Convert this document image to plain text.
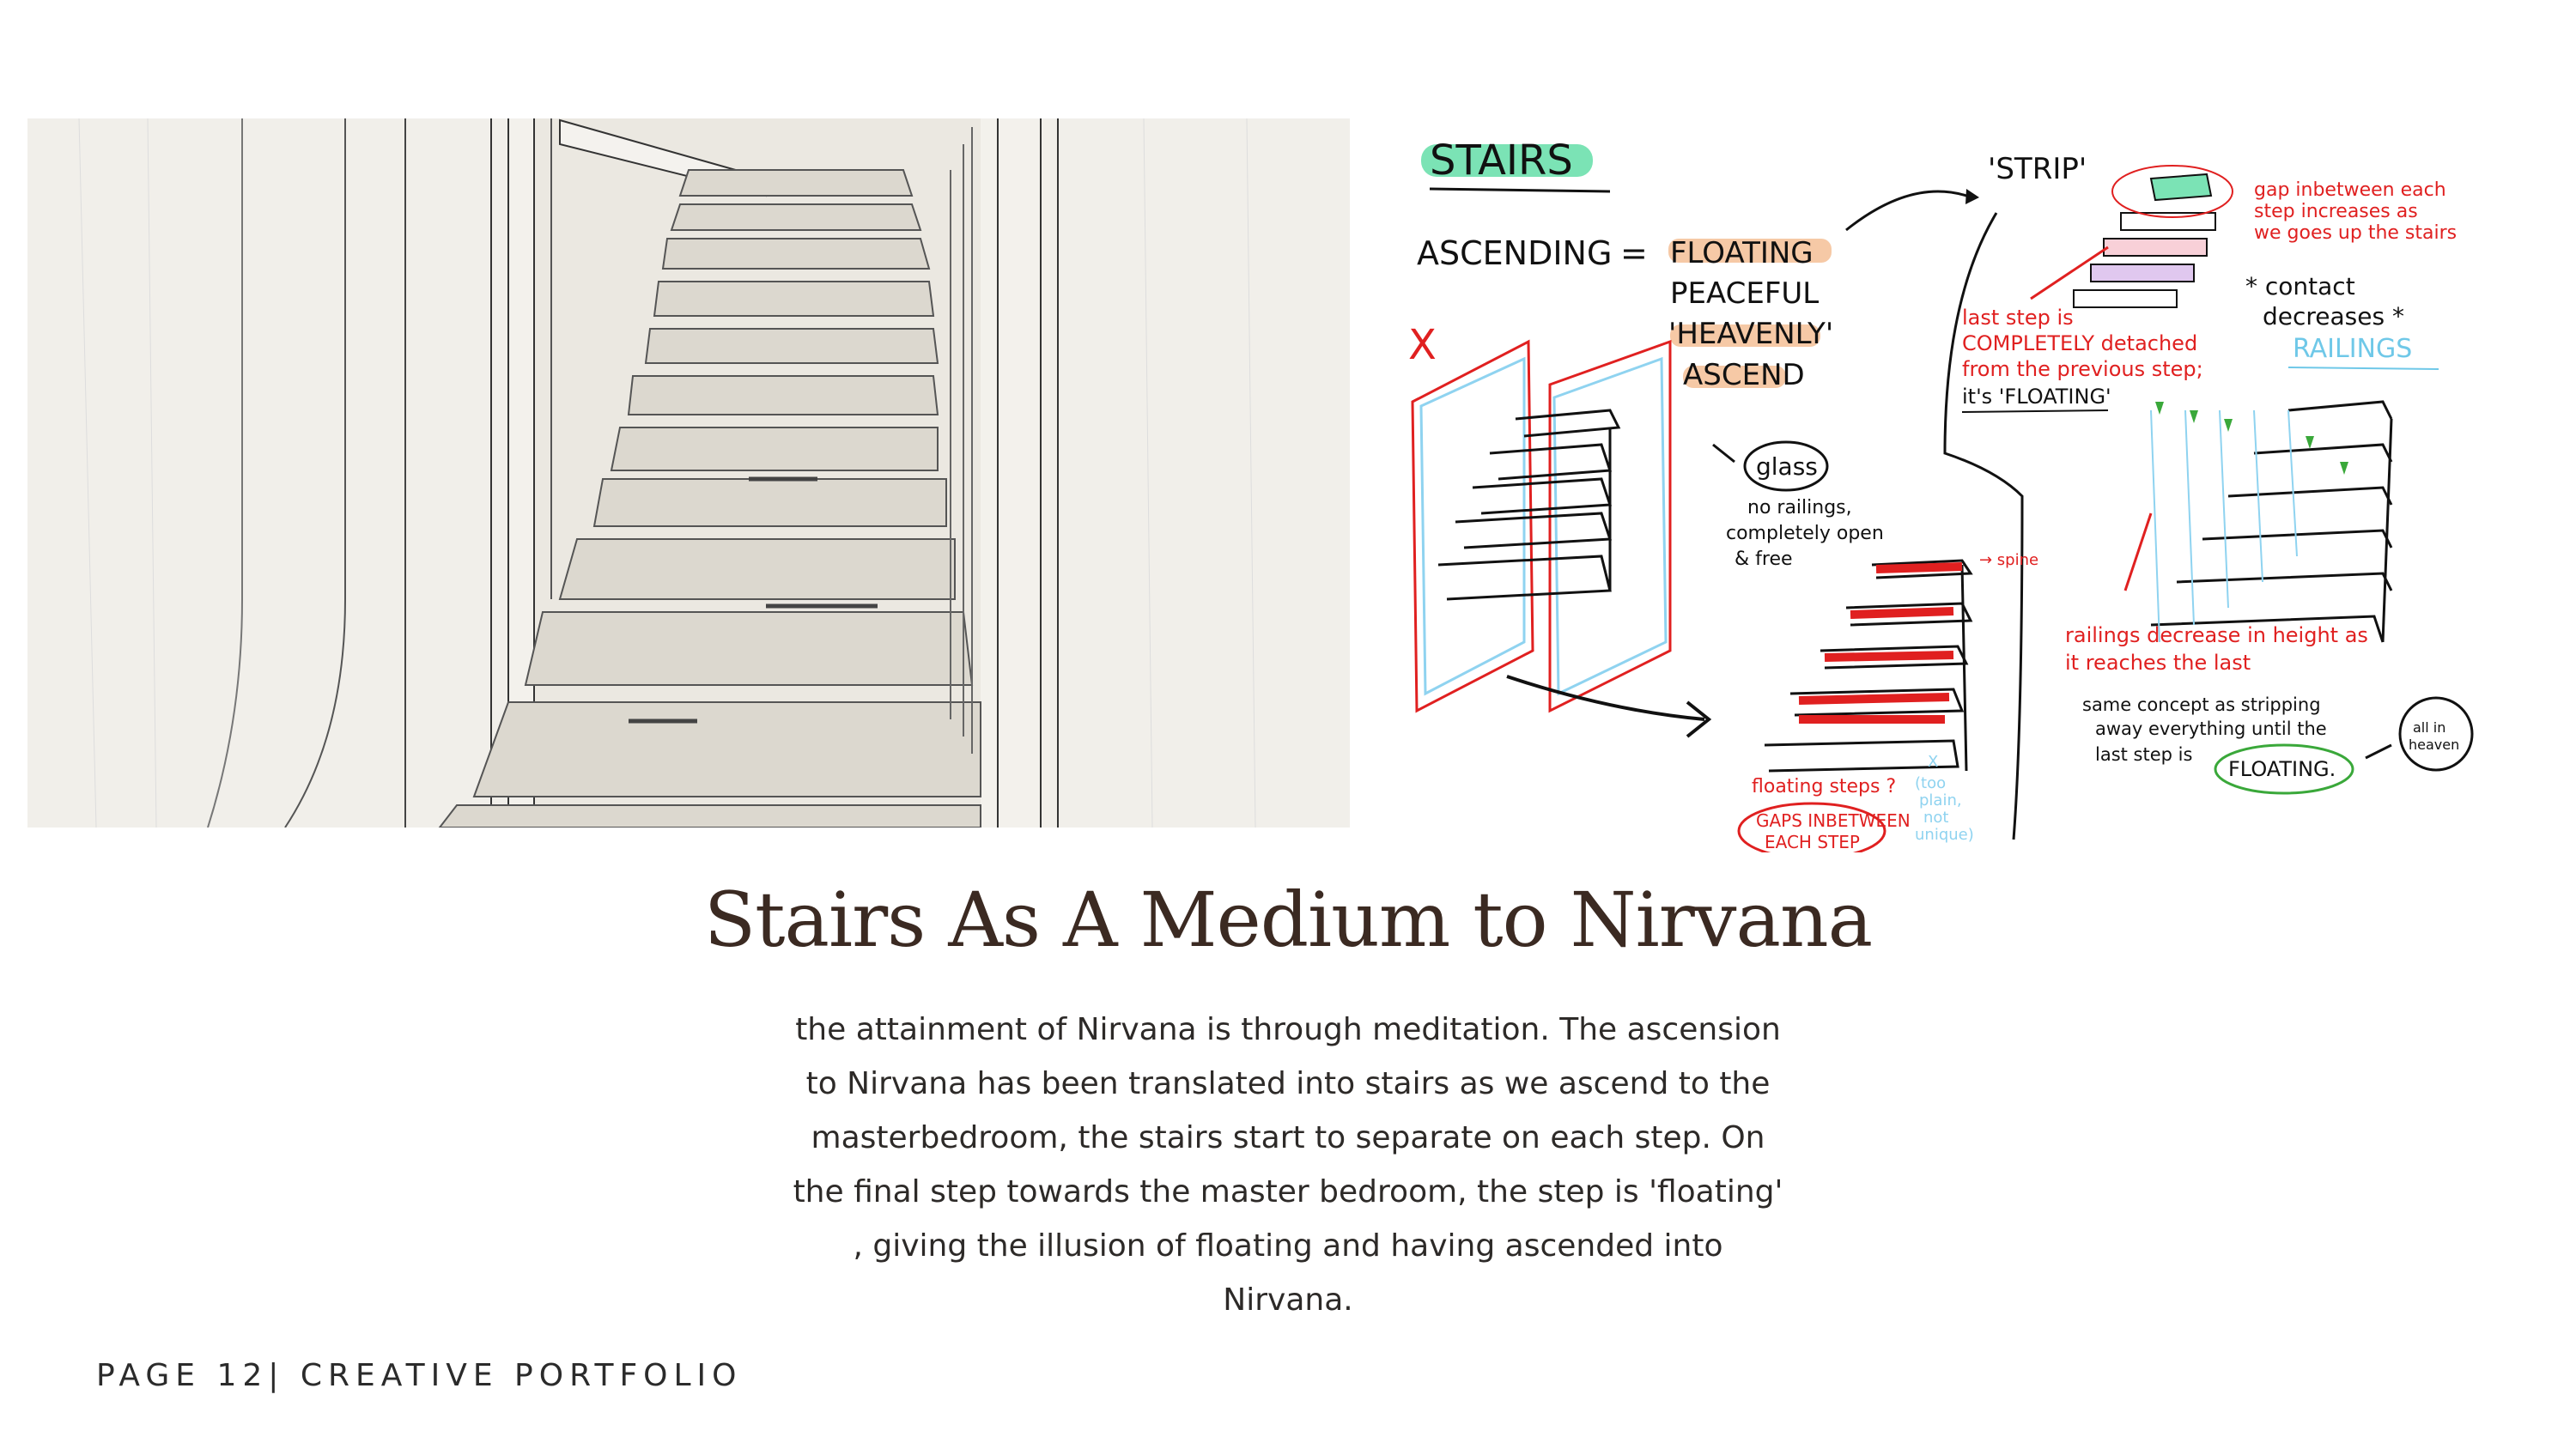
STAIRS
ASCENDING = FLOATING
PEACEFUL
'HEAVENLY'
ASCEND
'STRIP'
gap inbetween each
step increases as
we goes up the stairs
* contact
decreases *
last step is
COMPLETELY detached
from the previous step;
it's 'FLOATING'
RAILINGS
X
glass
no railings,
completely open
& free	→ spine
floating steps ?
GAPS INBETWEEN
EACH STEP
X
(too
plain,
not
unique)
railings decrease in height as
it reaches the last
same concept as stripping
away everything until the
last step is
FLOATING.
all in
heaven
Stairs As A Medium to Nirvana
the attainment of Nirvana is through meditation. The ascension
to Nirvana has been translated into stairs as we ascend to the
masterbedroom, the stairs start to separate on each step. On
the final step towards the master bedroom, the step is 'floating'
, giving the illusion of floating and having ascended into
Nirvana.
PAGE 12| CREATIVE PORTFOLIO
